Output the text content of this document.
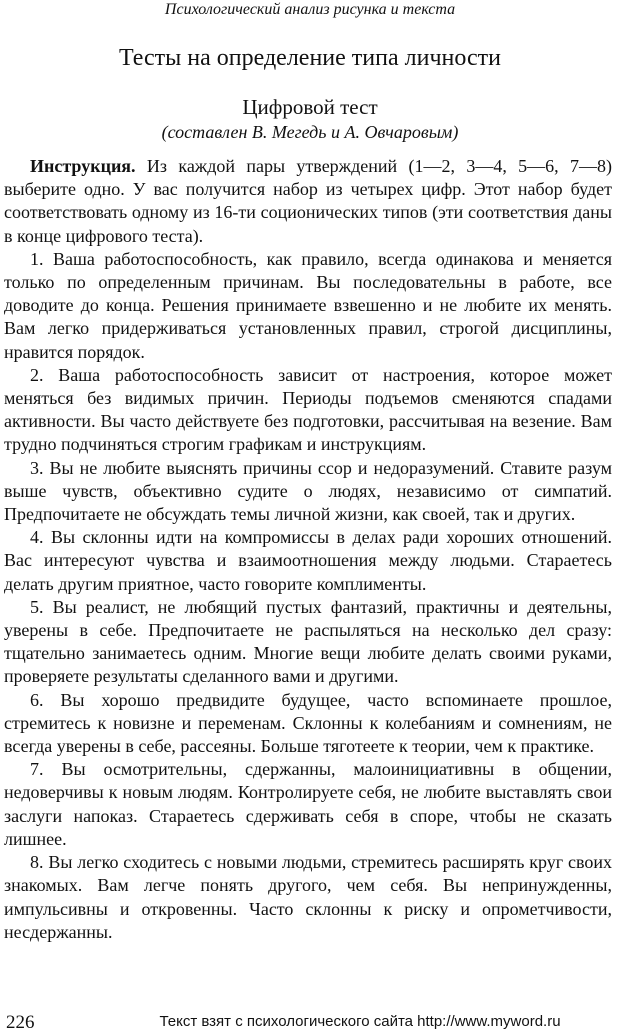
Психологический анализ рисунка и текста
Тесты на определение типа личности
Цифровой тест
(составлен В. Мегедь и А. Овчаровым)

Инструкция. Из каждой пары утверждений (1—2, 3—4, 5—6, 7—8) выберите одно. У вас получится набор из четырех цифр. Этот набор будет соответствовать одному из 16-ти соционических типов (эти соответствия даны в конце цифрового теста).

1. Ваша работоспособность, как правило, всегда одинакова и меняется только по определенным причинам. Вы последовательны в работе, все доводите до конца. Решения принимаете взвешенно и не любите их менять. Вам легко придерживаться установленных правил, строгой дисциплины, нравится порядок.

2. Ваша работоспособность зависит от настроения, которое может меняться без видимых причин. Периоды подъемов сменяются спадами активности. Вы часто действуете без подготовки, рассчитывая на везение. Вам трудно подчиняться строгим графикам и инструкциям.

3. Вы не любите выяснять причины ссор и недоразумений. Ставите разум выше чувств, объективно судите о людях, независимо от симпатий. Предпочитаете не обсуждать темы личной жизни, как своей, так и других.

4. Вы склонны идти на компромиссы в делах ради хороших отношений. Вас интересуют чувства и взаимоотношения между людьми. Стараетесь делать другим приятное, часто говорите комплименты.

5. Вы реалист, не любящий пустых фантазий, практичны и деятельны, уверены в себе. Предпочитаете не распыляться на несколько дел сразу: тщательно занимаетесь одним. Многие вещи любите делать своими руками, проверяете результаты сделанного вами и другими.

6. Вы хорошо предвидите будущее, часто вспоминаете прошлое, стремитесь к новизне и переменам. Склонны к колебаниям и сомнениям, не всегда уверены в себе, рассеяны. Больше тяготеете к теории, чем к практике.

7. Вы осмотрительны, сдержанны, малоинициативны в общении, недоверчивы к новым людям. Контролируете себя, не любите выставлять свои заслуги напоказ. Стараетесь сдерживать себя в споре, чтобы не сказать лишнее.

8. Вы легко сходитесь с новыми людьми, стремитесь расширять круг своих знакомых. Вам легче понять другого, чем себя. Вы непринужденны, импульсивны и откровенны. Часто склонны к риску и опрометчивости, несдержанны.

226	Текст взят с психологического сайта http://www.myword.ru
